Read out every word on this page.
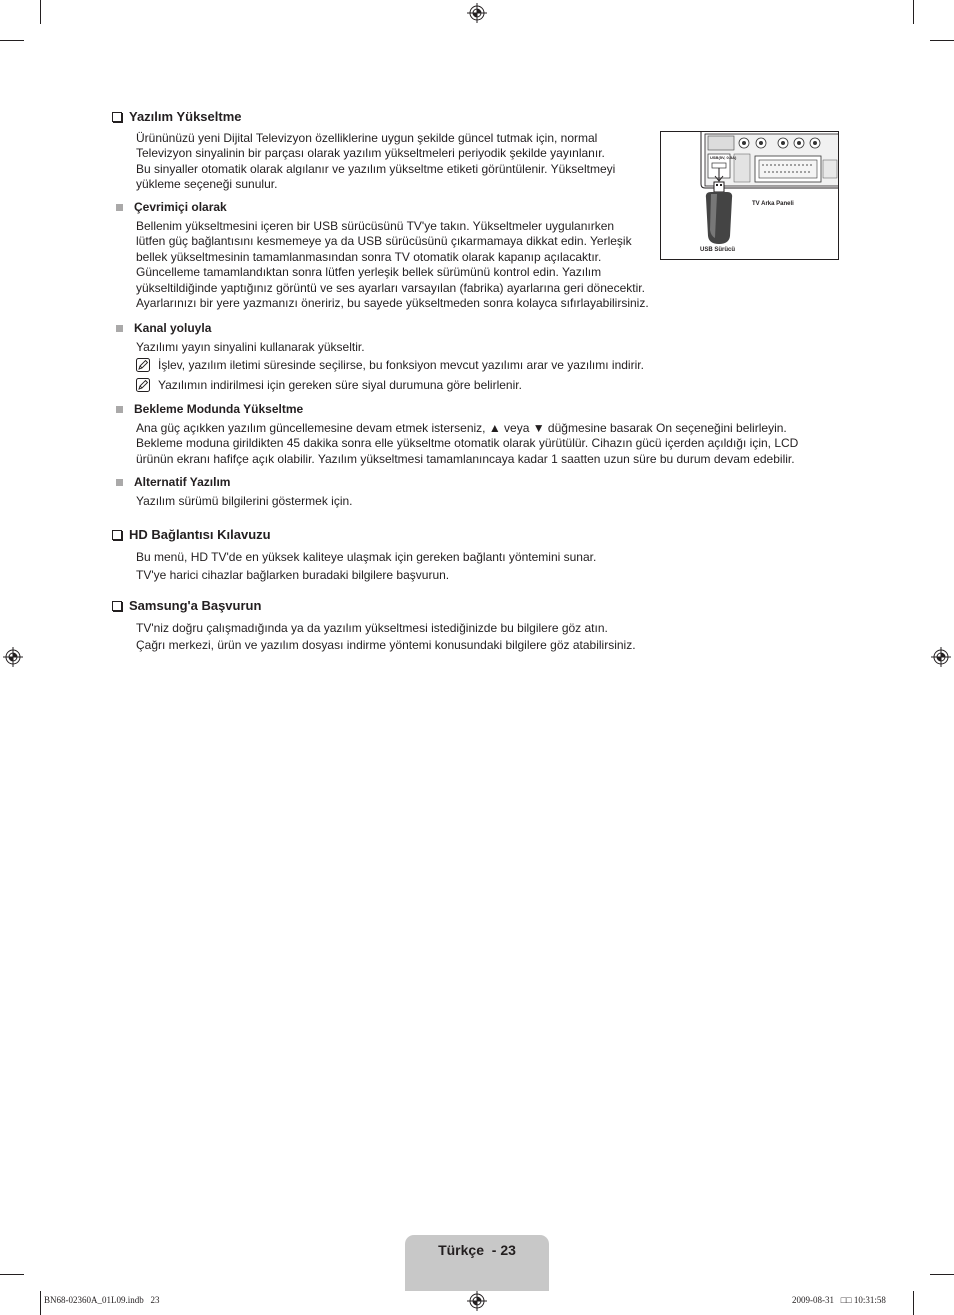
Yazılım Yükseltme
Ürününüzü yeni Dijital Televizyon özelliklerine uygun şekilde güncel tutmak için, normal
Televizyon sinyalinin bir parçası olarak yazılım yükseltmeleri periyodik şekilde yayınlanır.
Bu sinyaller otomatik olarak algılanır ve yazılım yükseltme etiketi görüntülenir. Yükseltmeyi
yükleme seçeneği sunulur.
USB(5V, 0.5A)
TV Arka Paneli
USB Sürücü
Çevrimiçi olarak
Bellenim yükseltmesini içeren bir USB sürücüsünü TV'ye takın. Yükseltmeler uygulanırken
lütfen güç bağlantısını kesmemeye ya da USB sürücüsünü çıkarmamaya dikkat edin. Yerleşik
bellek yükseltmesinin tamamlanmasından sonra TV otomatik olarak kapanıp açılacaktır.
Güncelleme tamamlandıktan sonra lütfen yerleşik bellek sürümünü kontrol edin. Yazılım
yükseltildiğinde yaptığınız görüntü ve ses ayarları varsayılan (fabrika) ayarlarına geri dönecektir.
Ayarlarınızı bir yere yazmanızı öneririz, bu sayede yükseltmeden sonra kolayca sıfırlayabilirsiniz.
Kanal yoluyla
Yazılımı yayın sinyalini kullanarak yükseltir.
İşlev, yazılım iletimi süresinde seçilirse, bu fonksiyon mevcut yazılımı arar ve yazılımı indirir.
Yazılımın indirilmesi için gereken süre siyal durumuna göre belirlenir.
Bekleme Modunda Yükseltme
Ana güç açıkken yazılım güncellemesine devam etmek isterseniz, ▲ veya ▼ düğmesine basarak On seçeneğini belirleyin.
Bekleme moduna girildikten 45 dakika sonra elle yükseltme otomatik olarak yürütülür. Cihazın gücü içerden açıldığı için, LCD
ürünün ekranı hafifçe açık olabilir. Yazılım yükseltmesi tamamlanıncaya kadar 1 saatten uzun süre bu durum devam edebilir.
Alternatif Yazılım
Yazılım sürümü bilgilerini göstermek için.
HD Bağlantısı Kılavuzu
Bu menü, HD TV'de en yüksek kaliteye ulaşmak için gereken bağlantı yöntemini sunar.
TV'ye harici cihazlar bağlarken buradaki bilgilere başvurun.
Samsung'a Başvurun
TV'niz doğru çalışmadığında ya da yazılım yükseltmesi istediğinizde bu bilgilere göz atın.
Çağrı merkezi, ürün ve yazılım dosyası indirme yöntemi konusundaki bilgilere göz atabilirsiniz.
Türkçe  - 23
BN68-02360A_01L09.indb   23	2009-08-31   □□ 10:31:58
